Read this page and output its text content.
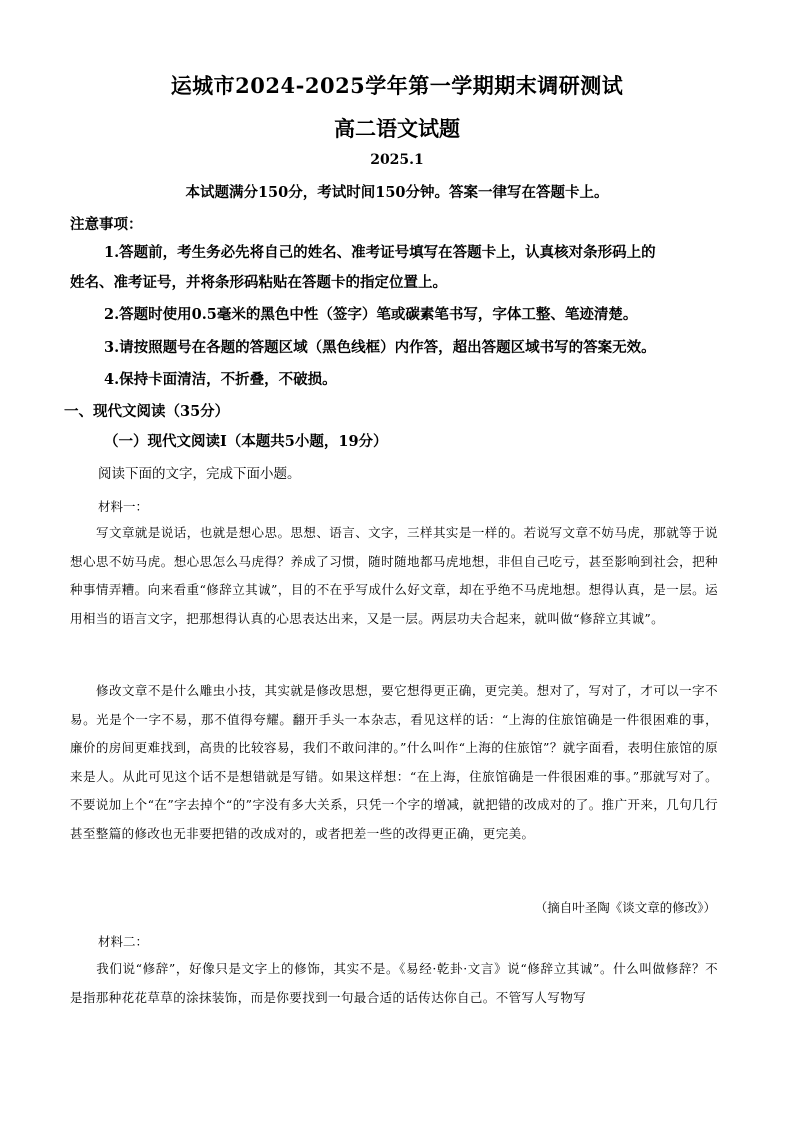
运城市2024-2025学年第一学期期末调研测试
高二语文试题
2025.1
本试题满分150分，考试时间150分钟。答案一律写在答题卡上。
注意事项：
1.答题前，考生务必先将自己的姓名、准考证号填写在答题卡上，认真核对条形码上的
姓名、准考证号，并将条形码粘贴在答题卡的指定位置上。
2.答题时使用0.5毫米的黑色中性（签字）笔或碳素笔书写，字体工整、笔迹清楚。
3.请按照题号在各题的答题区域（黑色线框）内作答，超出答题区域书写的答案无效。
4.保持卡面清洁，不折叠，不破损。
一、现代文阅读（35分）
（一）现代文阅读Ⅰ（本题共5小题，19分）
阅读下面的文字，完成下面小题。
材料一：
写文章就是说话，也就是想心思。思想、语言、文字，三样其实是一样的。若说写文章不妨马虎，那就等于说想心思不妨马虎。想心思怎么马虎得？养成了习惯，随时随地都马虎地想，非但自己吃亏，甚至影响到社会，把种种事情弄糟。向来看重“修辞立其诚”，目的不在乎写成什么好文章，却在乎绝不马虎地想。想得认真，是一层。运用相当的语言文字，把那想得认真的心思表达出来，又是一层。两层功夫合起来，就叫做“修辞立其诚”。
修改文章不是什么雕虫小技，其实就是修改思想，要它想得更正确，更完美。想对了，写对了，才可以一字不易。光是个一字不易，那不值得夸耀。翻开手头一本杂志，看见这样的话：“上海的住旅馆确是一件很困难的事，廉价的房间更难找到，高贵的比较容易，我们不敢问津的。”什么叫作“上海的住旅馆”？就字面看，表明住旅馆的原来是人。从此可见这个话不是想错就是写错。如果这样想：“在上海，住旅馆确是一件很困难的事。”那就写对了。不要说加上个“在”字去掉个“的”字没有多大关系，只凭一个字的增减，就把错的改成对的了。推广开来，几句几行甚至整篇的修改也无非要把错的改成对的，或者把差一些的改得更正确，更完美。
（摘自叶圣陶《谈文章的修改》）
材料二：
我们说“修辞”，好像只是文字上的修饰，其实不是。《易经·乾卦·文言》说“修辞立其诚”。什么叫做修辞？不是指那种花花草草的涂抹装饰，而是你要找到一句最合适的话传达你自己。不管写人写物写
